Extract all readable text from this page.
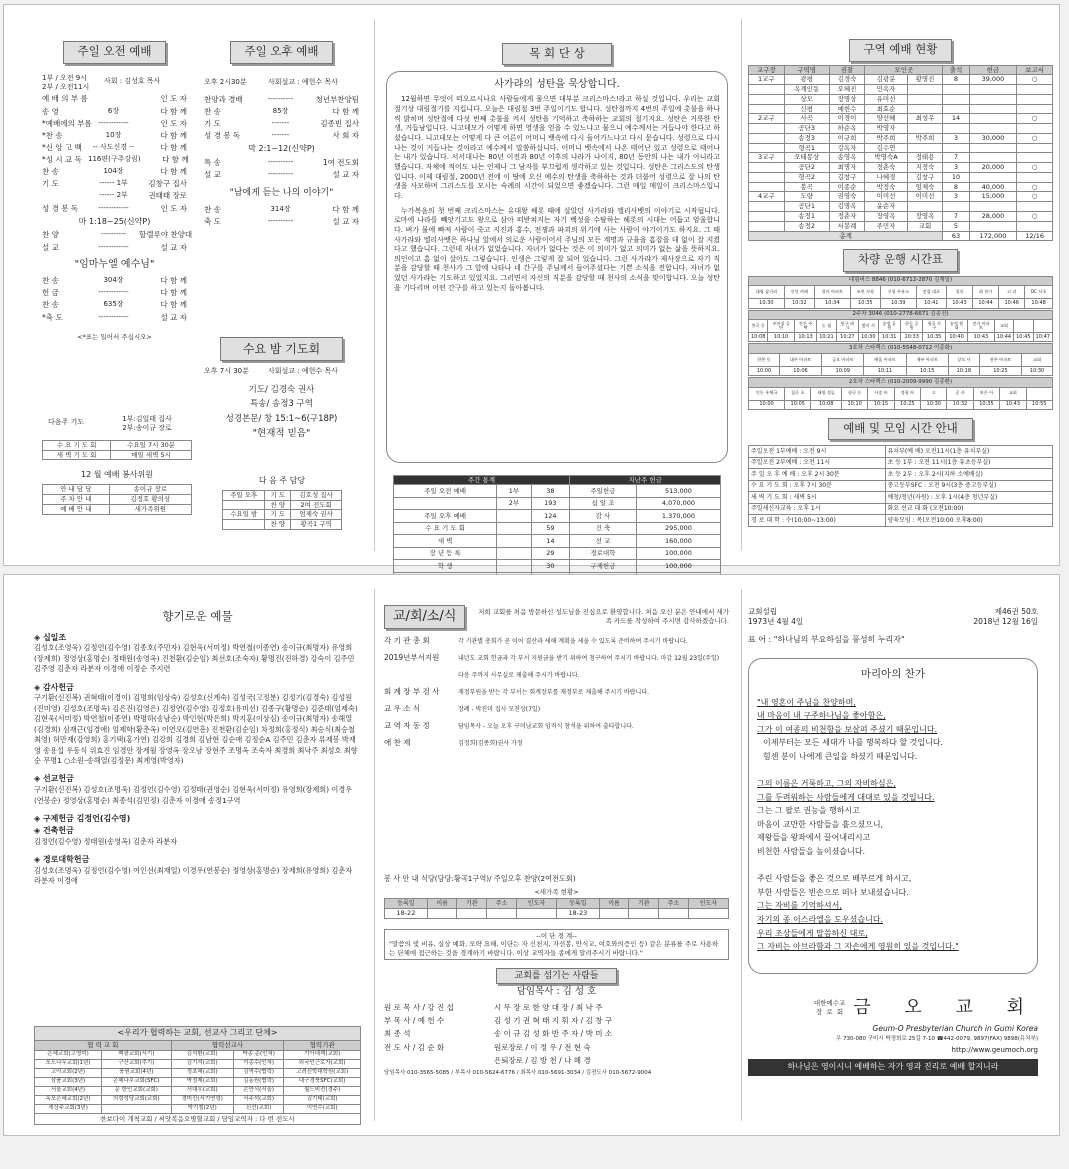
주일 오전 예배
1부 / 오전 9시
2부 / 오전11시
사회 : 김성호 목사
예 배 의 부 름	인 도 자
송 영	6장	다 함 께
*예배에의 부름 ------------	인 도 자
*찬 송	10장	다 함 께
*신 앙 고 백	-- 사도신경 --	다 함 께
*성 시 교 독 116편(구주강림)	다 함 께
찬 송	104장	다 함 께
기 도	------ 1부	김창구 집사
------ 2부	권태태 장로
성 경 봉 독	------------	인 도 자
마 1:18~25(신약P)
찬 양	----------	할렐루야 찬양대
설 교	------------	설 교 자
"임마누엘 예수님"
찬 송	304장	다 함 께
헌 금	------------	다 함 께
찬 송	635장	다 함 께
*축 도	------------	설 교 자
<*표는 일어서 주십시오>
주일 오후 예배
오후 2시30분	사회설교 : 예헌수 목사
찬양과 경배	----------	청년부찬양팀
찬 송	85장	다 함 께
기 도	-------	김종빈 집사
성 경 봉 독	-------	사 회 자
막 2:1~12(신약P)
특 송	----------	1여 전도회
설 교	----------	설 교 자
"남에게 듣는 나의 이야기"
찬 송	314장	다 함 께
축 도	----------	설 교 자
수요 밤 기도회
오후 7시 30분	사회설교 : 예헌수 목사
기도/ 김경숙 권사
특송/ 송정3 구역
성경본문/ 창 15:1~6(구18P)
"현재적 믿음"
다음주 기도	1부:김일태 집사
2부:송이규 장로
수 요 기 도 회	수요일 7시 30분
새 벽 기 도 회	매일 새벽 5시
12 월 예배 봉사위원
안 내 담 당	송이규 장로
주 차 안 내	김정호 황의상
예 배 안 내	새가족위원
다 음 주 담당
주일 오후	기 도	김호성 집사
	찬 양	2여 전도회
수요일 밤	기 도	엄제숙 권사
	찬 양	황곡1 구역
목 회 단 상
사가랴의 성탄을 묵상합니다.

12월하면 무엇이 떠오르시나요 사람들에게 물으면 대부분 크리스마스!라고 하실 것입니다. 우리는 교회 절기상 대림절기를 지킵니다. 오늘은 대림절 3번 주일이기도 합니다. 성탄절까지 4번의 주일에 촛불을 하나씩 밝히며 성탄절에 다섯 번째 촛불을 켜서 성탄을 기억하고 축하하는 교회의 절기지요. 성탄은 거룩한 탄생, 거듭남입니다. 니고데모가 어떻게 하면 영생을 얻을 수 있느냐고 물으니 예수께서는 거듭나야 한다고 하셨습니다. 니고데모는 어떻게 다 큰 어른이 어머니 뱃속에 다시 들어가느냐고 다시 묻습니다. 성령으로 다시 나는 것이 거듭나는 것이라고 예수께서 말씀하십니다. 어머니 뱃속에서 나온 태어난 있고 성령으로 태어나는 내가 있습니다. 서서대나는 80년 이전과 80년 이후의 나라가 나이지, 80년 동안의 나는 내가 아니라고 했습니다. 자체에 적어도 나는 언제나 그 남자를 부끄럽게 생각하고 있는 것입니다. 성탄은 그리스도의 탄생입니다. 이제 대림절, 2000년 전에 이 땅에 오신 예수의 탄생을 축하하는 것과 더불어 성령으로 잘 나의 탄생을 사모하며 그리스도를 모시는 숙례의 시간이 되었으면 좋겠습니다. 그런 매일 매일이 크리스마스입니다.

누가복음의 첫 번째 크리스마스는 유대왕 헤롯 때에 살았던 사가랴와 엘리사벳의 이야기로 시작됩니다. 로마에 나라를 빼앗기고도 왕으로 삼아 떠받쳐지는 자기 백성을 수탈하는 헤롯의 시대는 어둡고 암울합니다. 벼가 물에 빠져 사람이 죽고 지진과 홍수, 전쟁과 파괴의 위기에 사는 사람이 야기이기도 하지요. 그 때 사가랴와 엘리사벳은 하나님 앞에서 의로운 사람이어서 주님의 모든 계명과 규율을 흠잡을 데 없이 잘 지켰다고 했습니다. 그런데 자녀가 없었습니다. 자녀가 없다는 것은 이 의미가 없고 의미가 없는 삶을 뜻하지요. 의인이고 흠 없이 살아도 그렇습니다. 인생은 그렇게 잘 되어 있습니다. 그런 사가랴가 제사장으로 자기 직분을 감당할 때 천사가 그 앞에 나타나 네 간구를 주님께서 들어주셨다는 기쁜 소식을 전합니다. 자녀가 없었던 사가랴는 기도하고 있었지요. 그러면서 자신의 직분을 감당할 때 천사의 소식을 맞이합니다. 오늘 성탄을 기다리며 어떤 간구를 하고 있는지 돌아봅니다.

주간 통계			지난주 헌금	
주일 오전 예배	1부	38	주일헌금	513,000
	2부	193	십 일 조	4,070,000
주일 오후 예배		124	감 사	1,370,000
수 요 기 도 회		59	건 축	295,000
새 벽		14	선 교	160,000
장 년 등 록		29	경로대학	100,000
학 생		30	구제헌금	100,000

구역 예배 현황
교구장	구역명	권찰	모인곳		출석	헌금	보고서
1교구	광평	김경숙	김광분	황명진	8	39,000	○
	옥계인동	오혜진	민옥자				
	상모	장명상	유미선				
	신평	예헌수	최효순				
2교구	사곡	이경이	양선혜	최성우	14		○
	공단3	하순옥	박영자				
	송정3	이규희	박주희	박주희	3	30,000	○
	형곡1	강옥자	김수연				
3교구	오태봉상	송영옥	박명숙A	정태용	7		
	공단2	최명자	정춘숙	지정숙	3	20,000	○
	형곡2	김창구	나혜경	김창구	10		
	봉곡	이종순	박정숙	엄제숙	8	40,000	○
4교구	도량	권영숙	이미선	이미선	3	15,000	○
	공단1	김명옥	윤순자				
	송정1	정춘자	장영옥	장영옥	7	28,000	○
	송정2	서봉례	주민자	교회	5		
총계					63	172,000	12/16
차량 운행 시간표
대림버스 8846 (010-6712-2870 김재일)									
대림 삼거리	인덕 카페	경산 아파트	조연 사장	신평 주유소	전철 대포	경신	회 천가	고 파	DC 서초
10:30	10:32	10:34	10:35	10:39	10:41	10:43	10:44	10:46	10:48
2주차 3046 (010-2778-6671 김종진)													
봉곡 동	주차장 공단	전투 주택	농 협	원구 테크	밤이 사	송정 공원	한동 공원	형곡 지구	송정 원대	전거 아파트	교회		
10:08	10:10	10:13	10:21	10:27	10:30	10:31	10:33	10:35	10:40	10:43	10:44	10:45	10:47
3호차 스타렉스 (010-5548-0712 이종화)							
한봉 동	대우 아파트	금오 아파트	배움 아파트	재부 아파트	상모 사	전주 아파트	교회
10:00	10:06	10:09	10:11	10:15	10:18	10:25	10:30
2호차 스타렉스 (010-2009-9990 김종환)										
인동 우체국	칠곡 초	태영 정류	형곡 동	사송 아	정평 아	고	공 사	보은 아	교회	
10:00	10:05	10:08	10:10	10:15	10:25	10:30	10:32	10:35	10:43	10:55
예배 및 모임 시간 안내
주일오전 1부예배 : 오전 9시	유치부(예 배) 오전11시(1층 유치부실)
주일오전 2부예배 : 오전 11시	초 등 1부 : 오전 11시(1층 유초등부실)
주 일 오 후 예 배 : 오후 2시 30분	초 등 2부 : 오후 2시(지하 소예배실)
수 요 기 도 회 : 오후 7시 30분	중고등부SFC : 오전 9시(3층 중고등부실)
새 벽 기 도 회 : 새벽 5시	예청/청년(자원) : 오후 1시(4층 청년부실)
주일새신자교육 : 오후 1시	화요 선교 대 화 (오전10:00)
경 로 대 학 : 수(10:00~13:00)	양육모임 : 목(오전10:00 오후8:00)
향기로운 예물
◈ 십일조
김성호(조영욱) 김정언(김수영) 김종호(주민자) 김현욱(서미정) 박연철(이종연) 송이규(최명자) 유영희(장제희) 정영상(홍명순) 정태원(송영옥) 진천환(김순임) 최선호(조숙자) 황명진(진하경) 강숙이 김주민 김주영 김춘자 라분자 이경애 이정순 주지련
◈ 감사헌금
구기환(신진복) 권혁태(이경이) 김명희(임상숙) 김성호(신계숙) 김성국(고정분) 김정기(김경숙) 김성원(진미영) 김성호(조명옥) 김은진(김영은) 김정연(김수영) 김정호(유미선) 김종구(황명순) 김준태(엄제숙) 김현욱(서미정) 박연철(이종연) 박명하(송남순) 박인현(박은희) 박지훈(이상심) 송이규(최명자) 송해열(김경희) 심재근(임경애) 엄제학(황춘옥) 이연오(김연흥) 진천환(김순임) 차정희(홍정식) 최승식(최승철최영) 허만재(강영희) 홍기택(홍가연) 김강희 김경희 김남현 김순애 김정순A 김주민 김춘자 류제봉 박재영 송용섭 우동식 위효진 임경안 장계월 장영옥 장오남 장현주 조명옥 조숙자 최경희 최낙주 최성호 최향순 무명1 ○소원-송해열(김정문) 최계영(박영자)
◈ 선교헌금
구기환(신진복) 김성호(조명욱) 김정언(김수영) 김정태(권영순) 김현욱(서미정) 유영희(장제희) 이경우(연봉순) 정영상(홍명순) 최종석(김민정) 김춘자 이경애 송정1구역
◈ 구제헌금 김정언(김수영)
◈ 건축헌금
김정언(김수영) 정태원(송영옥) 김춘자 라분자
◈ 경로대학헌금
김성호(조명욱) 김정언(김수영) 여인선(최재일) 이경우(연봉순) 정영상(홍명순) 장제희(유영희) 김춘자 라분자 이경애
<우리가 협력하는 교회, 선교사 그리고 단체>
협 력 교 회		협력선교사		협력기관
은혜교회(고영미)	백광교회(서기)	김석환(교회)	박종 준(인쳐)	기아대책(교회)
포도나무교회(1년)	구산교회(추기)	김기석(교회)	이종수(인쳐)	외국인근로자(교회)
고아교회(2년)	풍원교회(4년)	정초혜(교회)	김역수(협력)	고려신학대학원(교회)
삼품교회(3년)	은혜나무교회(SFC)	박정제(교회)	김동원(협력)	대구경북SFC(교회)
서울교회(4년)	문 한인교회(교회)	서대우(교회)	손만식(서울)	월드비전(경주)
옥포은혜교회(2년)	의령성당교회(교회)	경미진(서기연령)	서주석(교회)	김기태(교회)
세상주교회(3년)		박기철(2년)	신선(교회)	이연수(교회)
찬보다이 개척교회 / 씨앗복음오병혈교회 / 담임교역자 : 다 번 전도사
교/회/소/식	저희 교회를 처음 방문하신 성도님을 진심으로 환영합니다. 처음 오신 분은 안내에서 새가족 카드를 작성하여 주시면 감사하겠습니다.
각 기 관 총 회	각 기관별 총회가 곧 이어 결산과 새해 계획을 세울 수 있도록 준비하여 주시기 바랍니다.
2019년부서지원	내년도 교회 헌금과 각 부서 지원금을 받기 위하여 청구하여 주시기 바랍니다. 마감 12월 23일(주일)
다음 주까지 사무실로 제출해 주시기 바랍니다.
회 계 장 부 검 사	재정부원을 받는 각 부서는 회계장부를 재정부로 제출해 주시기 바랍니다.
교 우 소 식	장례 - 박진미 집사 모친상(7일)
교 역 자 동 정	담임목사 - 오늘 오후 구미남교회 임직식 참석을 위하여 출타합니다.
애 찬 제	김정희(김종희)권사 가정
봉 사 안 내 식당(담당:황곡1구역)/ 주일오후 찬양(2여전도회)
<새가족 현황>
등록일	이름	기관	주소	인도자	등록일	이름	기관	주소	인도자
18-22					18-23				
--이 단 경 계--
"말씀의 빛 비유, 실상 예화, 모략 요해, 이단는 자 신천지, 자선봉, 안식교, 여호와의증인 등) 같은 분류를 주로 사용하는 단체에 접근하는 것을 경계하기 바랍니다. 이상 교역자들 종에게 알려주시기 바랍니다."
교회를 섬기는 사람들
담임목사 : 김 성 호
원 로 목 사 / 강 진 섭	시 무 장 로 한 양 대 장 / 최 낙 주
부 목 사 / 예 헌 수	김 성 기 권 혁 태 지 휘 자 / 김 창 구
최 종 석	송 이 규 김 성 화 반 주 자 / 박 미 소
전 도 사 / 김 순 화	원로장로 / 이 정 우 / 전 현 숙
은퇴장로 / 김 방 천 / 나 혜 경
담임목사 010-3565-5085 / 부목사 010-5624-6776 / 최목사 010-5691-3034 / 김전도사 010-5672-9004
교회설립
1973년 4월 4일
제46권 50호
2018년 12월 16일
표 어 : "하나님의 부요하심을 풍성히 누리자"
마리아의 찬가
"내 영혼이 주님을 찬양하며,
내 마음이 내 구주하나님을 좋아함은,
그가 이 여종의 비천함을 보살펴 주셨기 때문입니다.
이제부터는 모든 세대가 나를 행복하다 할 것입니다.
힘센 분이 나에게 큰일을 하셨기 때문입니다.

그의 이름은 거룩하고, 그의 자비하심은,
그를 두려워하는 사람들에게 대대로 있을 것입니다.
그는 그 팔로 권능을 행하시고
마음이 교만한 사람들을 흩으셨으니,
제왕들을 왕좌에서 끌어내리시고
비천한 사람들을 높이셨습니다.

주린 사람들을 좋은 것으로 배부르게 하시고,
부한 사람들은 빈손으로 떠나 보내셨습니다.
그는 자비를 기억하셔서,
자기의 종 이스라엘을 도우셨습니다.
우리 조상들에게 말씀하신 대로,
그 자비는 아브라함과 그 자손에게 영원히 있을 것입니다."
대한예수교
장  로  회 금 오 교 회
Geum-O Presbyterian Church in Gumi Korea
우 730-080 구미시 박정희로 25길 7-10 ☎442-0079, 9897(FAX) 9898(유치부)
http://www.geumoch.org
하나님은 영이시니 예배하는 자가 영과 진리로 예배 할지니라
